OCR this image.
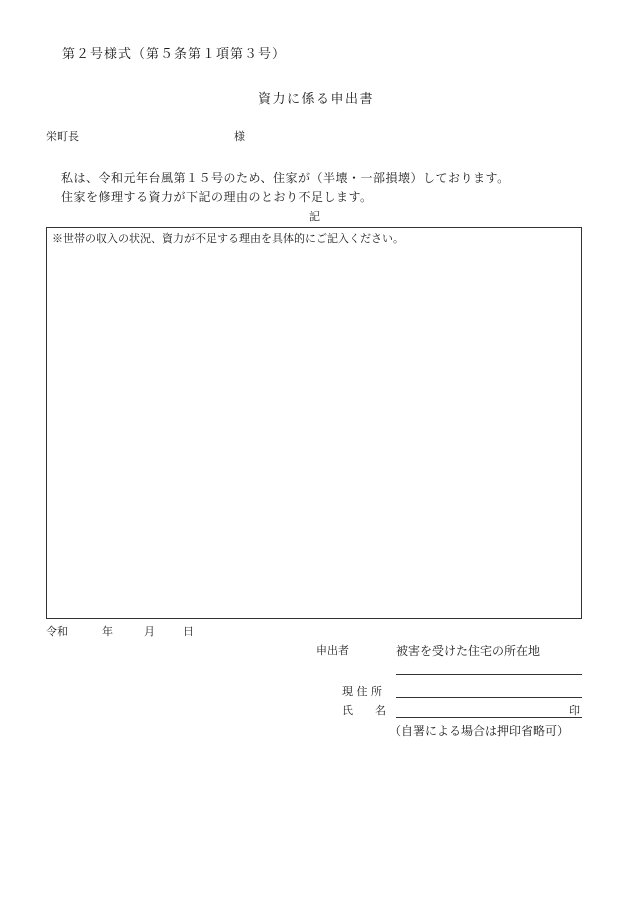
第２号様式（第５条第１項第３号）
資力に係る申出書
栄町長	様
私は、令和元年台風第１５号のため、住家が（半壊・一部損壊）しております。
住家を修理する資力が下記の理由のとおり不足します。
記
※世帯の収入の状況、資力が不足する理由を具体的にご記入ください。
令和	年	月	日
申出者	被害を受けた住宅の所在地
現 住 所
氏　　名	印
（自署による場合は押印省略可）
